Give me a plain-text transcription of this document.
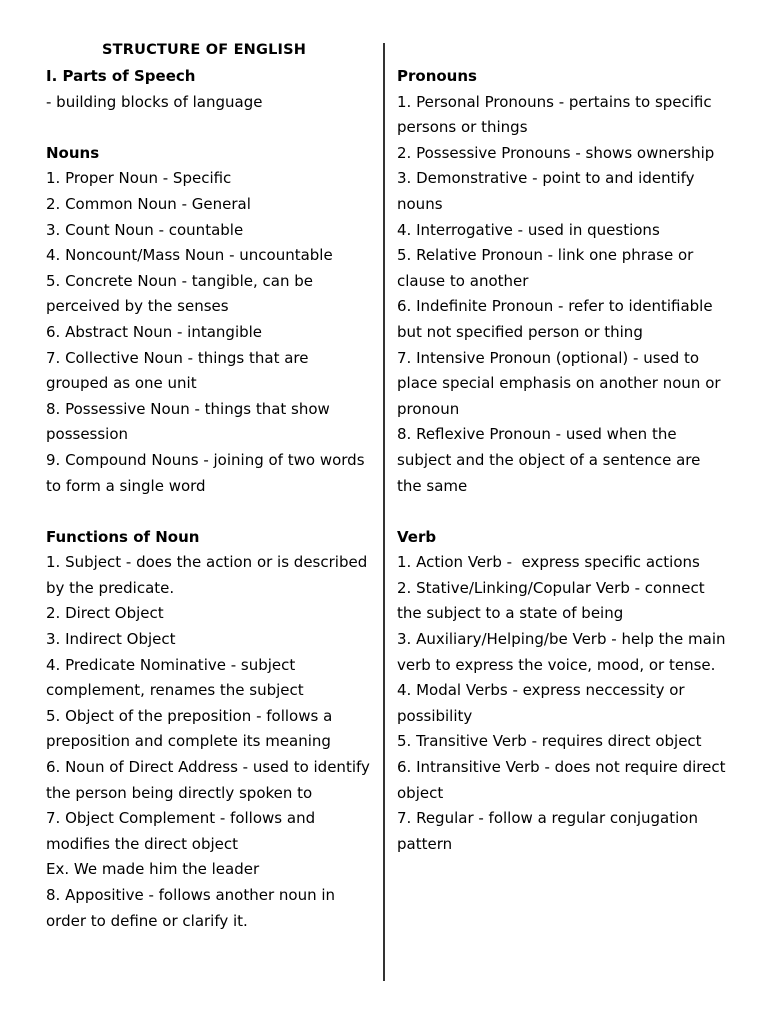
STRUCTURE OF ENGLISH
I. Parts of Speech
- building blocks of language
Nouns
1. Proper Noun - Specific
2. Common Noun - General
3. Count Noun - countable
4. Noncount/Mass Noun - uncountable
5. Concrete Noun - tangible, can be perceived by the senses
6. Abstract Noun - intangible
7. Collective Noun - things that are grouped as one unit
8. Possessive Noun - things that show possession
9. Compound Nouns - joining of two words to form a single word
Functions of Noun
1. Subject - does the action or is described by the predicate.
2. Direct Object
3. Indirect Object
4. Predicate Nominative - subject complement, renames the subject
5. Object of the preposition - follows a preposition and complete its meaning
6. Noun of Direct Address - used to identify the person being directly spoken to
7. Object Complement - follows and modifies the direct object
Ex. We made him the leader
8. Appositive - follows another noun in order to define or clarify it.
Pronouns
1. Personal Pronouns - pertains to specific persons or things
2. Possessive Pronouns - shows ownership
3. Demonstrative - point to and identify nouns
4. Interrogative - used in questions
5. Relative Pronoun - link one phrase or clause to another
6. Indefinite Pronoun - refer to identifiable but not specified person or thing
7. Intensive Pronoun (optional) - used to place special emphasis on another noun or pronoun
8. Reflexive Pronoun - used when the subject and the object of a sentence are the same
Verb
1. Action Verb -  express specific actions
2. Stative/Linking/Copular Verb - connect the subject to a state of being
3. Auxiliary/Helping/be Verb - help the main verb to express the voice, mood, or tense.
4. Modal Verbs - express neccessity or possibility
5. Transitive Verb - requires direct object
6. Intransitive Verb - does not require direct object
7. Regular - follow a regular conjugation pattern
